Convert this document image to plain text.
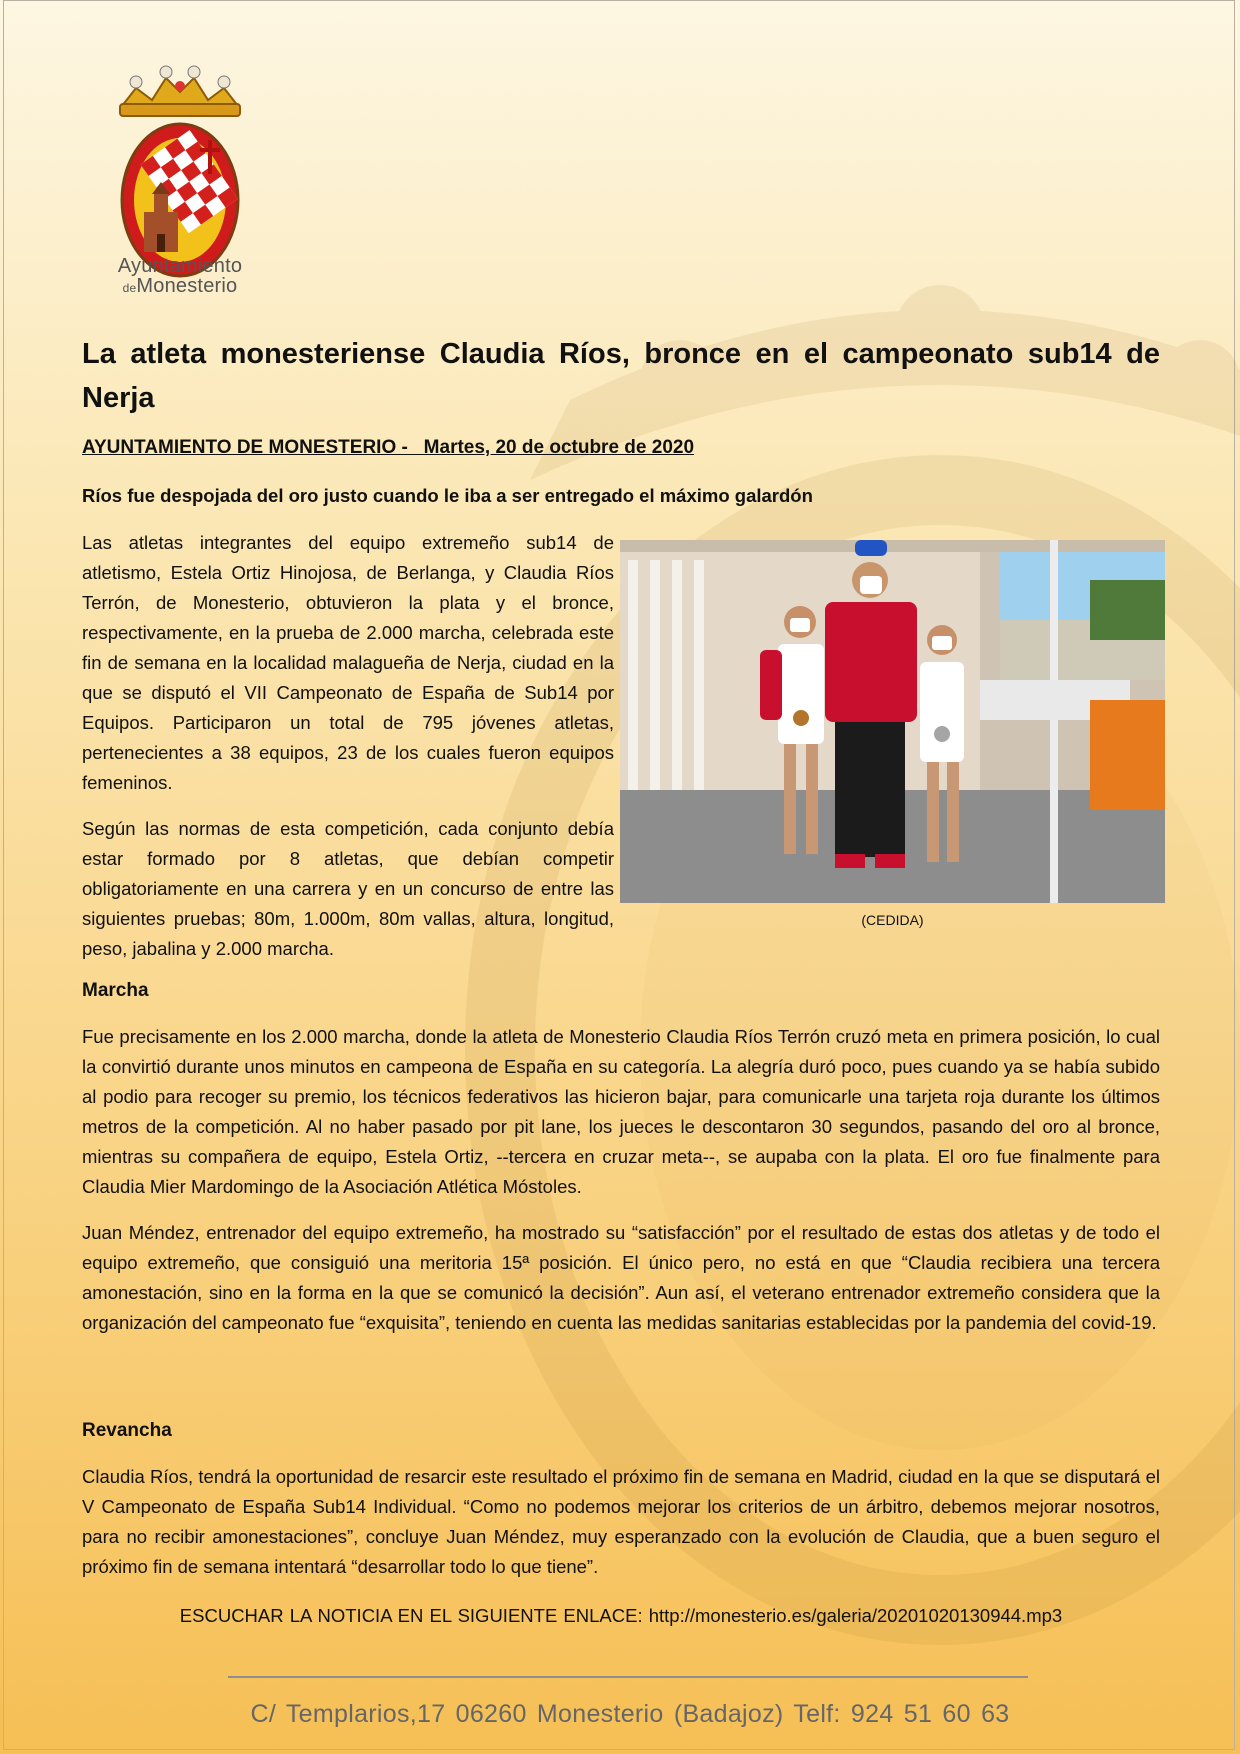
Ayuntamiento
deMonesterio
La atleta monesteriense Claudia Ríos, bronce en el campeonato sub14 de Nerja

AYUNTAMIENTO DE MONESTERIO -   Martes, 20 de octubre de 2020

Ríos fue despojada del oro justo cuando le iba a ser entregado el máximo galardón

Las atletas integrantes del equipo extremeño sub14 de atletismo, Estela Ortiz Hinojosa, de Berlanga, y Claudia Ríos Terrón, de Monesterio, obtuvieron la plata y el bronce, respectivamente, en la prueba de 2.000 marcha, celebrada este fin de semana en la localidad malagueña de Nerja, ciudad en la que se disputó el VII Campeonato de España de Sub14 por Equipos. Participaron un total de 795 jóvenes atletas, pertenecientes a 38 equipos, 23 de los cuales fueron equipos femeninos.

Según las normas de esta competición, cada conjunto debía estar formado por 8 atletas, que debían competir obligatoriamente en una carrera y en un concurso de entre las siguientes pruebas; 80m, 1.000m, 80m vallas, altura, longitud, peso, jabalina y 2.000 marcha.

(CEDIDA)

Marcha

Fue precisamente en los 2.000 marcha, donde la atleta de Monesterio Claudia Ríos Terrón cruzó meta en primera posición, lo cual la convirtió durante unos minutos en campeona de España en su categoría. La alegría duró poco, pues cuando ya se había subido al podio para recoger su premio, los técnicos federativos las hicieron bajar, para comunicarle una tarjeta roja durante los últimos metros de la competición. Al no haber pasado por pit lane, los jueces le descontaron 30 segundos, pasando del oro al bronce, mientras su compañera de equipo, Estela Ortiz, --tercera en cruzar meta--, se aupaba con la plata. El oro fue finalmente para Claudia Mier Mardomingo de la Asociación Atlética Móstoles.

Juan Méndez, entrenador del equipo extremeño, ha mostrado su “satisfacción” por el resultado de estas dos atletas y de todo el equipo extremeño, que consiguió una meritoria 15ª posición. El único pero, no está en que “Claudia recibiera una tercera amonestación, sino en la forma en la que se comunicó la decisión”. Aun así, el veterano entrenador extremeño considera que la organización del campeonato fue “exquisita”, teniendo en cuenta las medidas sanitarias establecidas por la pandemia del covid-19.

Revancha

Claudia Ríos, tendrá la oportunidad de resarcir este resultado el próximo fin de semana en Madrid, ciudad en la que se disputará el V Campeonato de España Sub14 Individual. “Como no podemos mejorar los criterios de un árbitro, debemos mejorar nosotros, para no recibir amonestaciones”, concluye Juan Méndez, muy esperanzado con la evolución de Claudia, que a buen seguro el próximo fin de semana intentará “desarrollar todo lo que tiene”.

ESCUCHAR LA NOTICIA EN EL SIGUIENTE ENLACE: http://monesterio.es/galeria/20201020130944.mp3
C/ Templarios,17 06260 Monesterio (Badajoz) Telf: 924 51 60 63
